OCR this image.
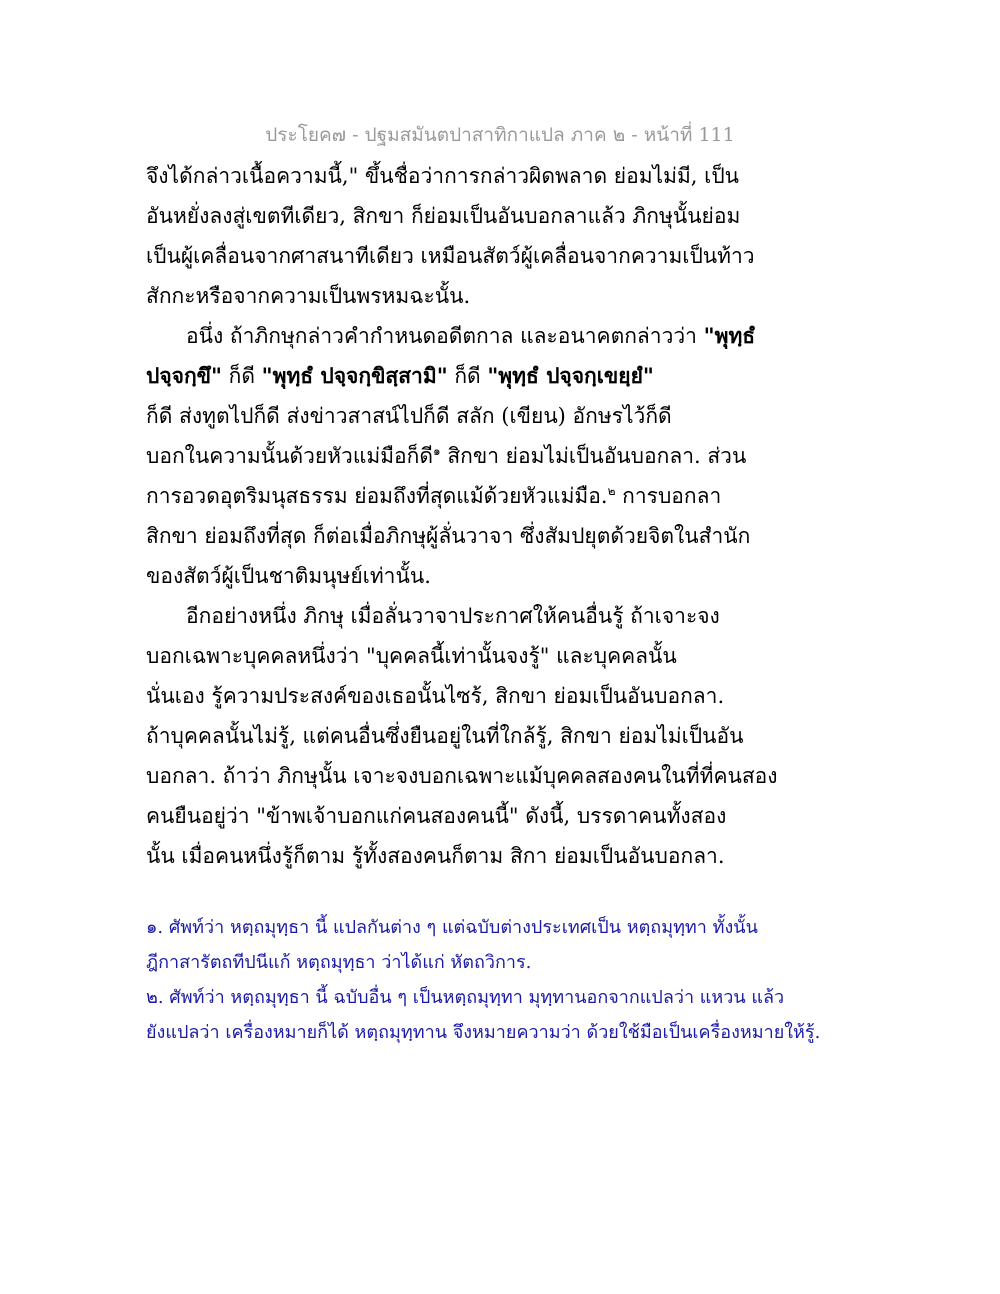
ประโยค๗ - ปฐมสมันตปาสาทิกาแปล ภาค ๒ - หน้าที่ 111
จึงได้กล่าวเนื้อความนี้," ขึ้นชื่อว่าการกล่าวผิดพลาด ย่อมไม่มี, เป็น
อันหยั่งลงสู่เขตทีเดียว, สิกขา ก็ย่อมเป็นอันบอกลาแล้ว ภิกษุนั้นย่อม
เป็นผู้เคลื่อนจากศาสนาทีเดียว เหมือนสัตว์ผู้เคลื่อนจากความเป็นท้าว
สักกะหรือจากความเป็นพรหมฉะนั้น.
อนึ่ง ถ้าภิกษุกล่าวคำกำหนดอดีตกาล และอนาคตกล่าวว่า "พุทฺธํ
ปจฺจกฺขึ" ก็ดี "พุทฺธํ ปจฺจกฺขิสฺสามิ" ก็ดี "พุทฺธํ ปจฺจกฺเขยฺยํ"
ก็ดี ส่งทูตไปก็ดี ส่งข่าวสาสน์ไปก็ดี สลัก (เขียน) อักษรไว้ก็ดี
บอกในความนั้นด้วยหัวแม่มือก็ดี$^๑$ สิกขา ย่อมไม่เป็นอันบอกลา. ส่วน
การอวดอุตริมนุสธรรม ย่อมถึงที่สุดแม้ด้วยหัวแม่มือ.$^๒$ การบอกลา
สิกขา ย่อมถึงที่สุด ก็ต่อเมื่อภิกษุผู้ลั่นวาจา ซึ่งสัมปยุตด้วยจิตในสำนัก
ของสัตว์ผู้เป็นชาติมนุษย์เท่านั้น.
อีกอย่างหนึ่ง ภิกษุ เมื่อลั่นวาจาประกาศให้คนอื่นรู้ ถ้าเจาะจง
บอกเฉพาะบุคคลหนึ่งว่า "บุคคลนี้เท่านั้นจงรู้" และบุคคลนั้น
นั่นเอง รู้ความประสงค์ของเธอนั้นไซร้, สิกขา ย่อมเป็นอันบอกลา.
ถ้าบุคคลนั้นไม่รู้, แต่คนอื่นซึ่งยืนอยู่ในที่ใกล้รู้, สิกขา ย่อมไม่เป็นอัน
บอกลา. ถ้าว่า ภิกษุนั้น เจาะจงบอกเฉพาะแม้บุคคลสองคนในที่ที่คนสอง
คนยืนอยู่ว่า "ข้าพเจ้าบอกแก่คนสองคนนี้" ดังนี้, บรรดาคนทั้งสอง
นั้น เมื่อคนหนึ่งรู้ก็ตาม รู้ทั้งสองคนก็ตาม สิกา ย่อมเป็นอันบอกลา.
๑. ศัพท์ว่า หตฺถมุทฺธา นี้ แปลกันต่าง ๆ แต่ฉบับต่างประเทศเป็น หตฺถมุทฺทา ทั้งนั้น
ฎีกาสารัตถทีปนีแก้ หตฺถมุทฺธา ว่าได้แก่ หัตถวิการ.
๒. ศัพท์ว่า หตฺถมุทฺธา นี้ ฉบับอื่น ๆ เป็นหตฺถมุทฺทา มุทฺทานอกจากแปลว่า แหวน แล้ว
ยังแปลว่า เครื่องหมายก็ได้ หตฺถมุทฺทาน จึงหมายความว่า ด้วยใช้มือเป็นเครื่องหมายให้รู้.
